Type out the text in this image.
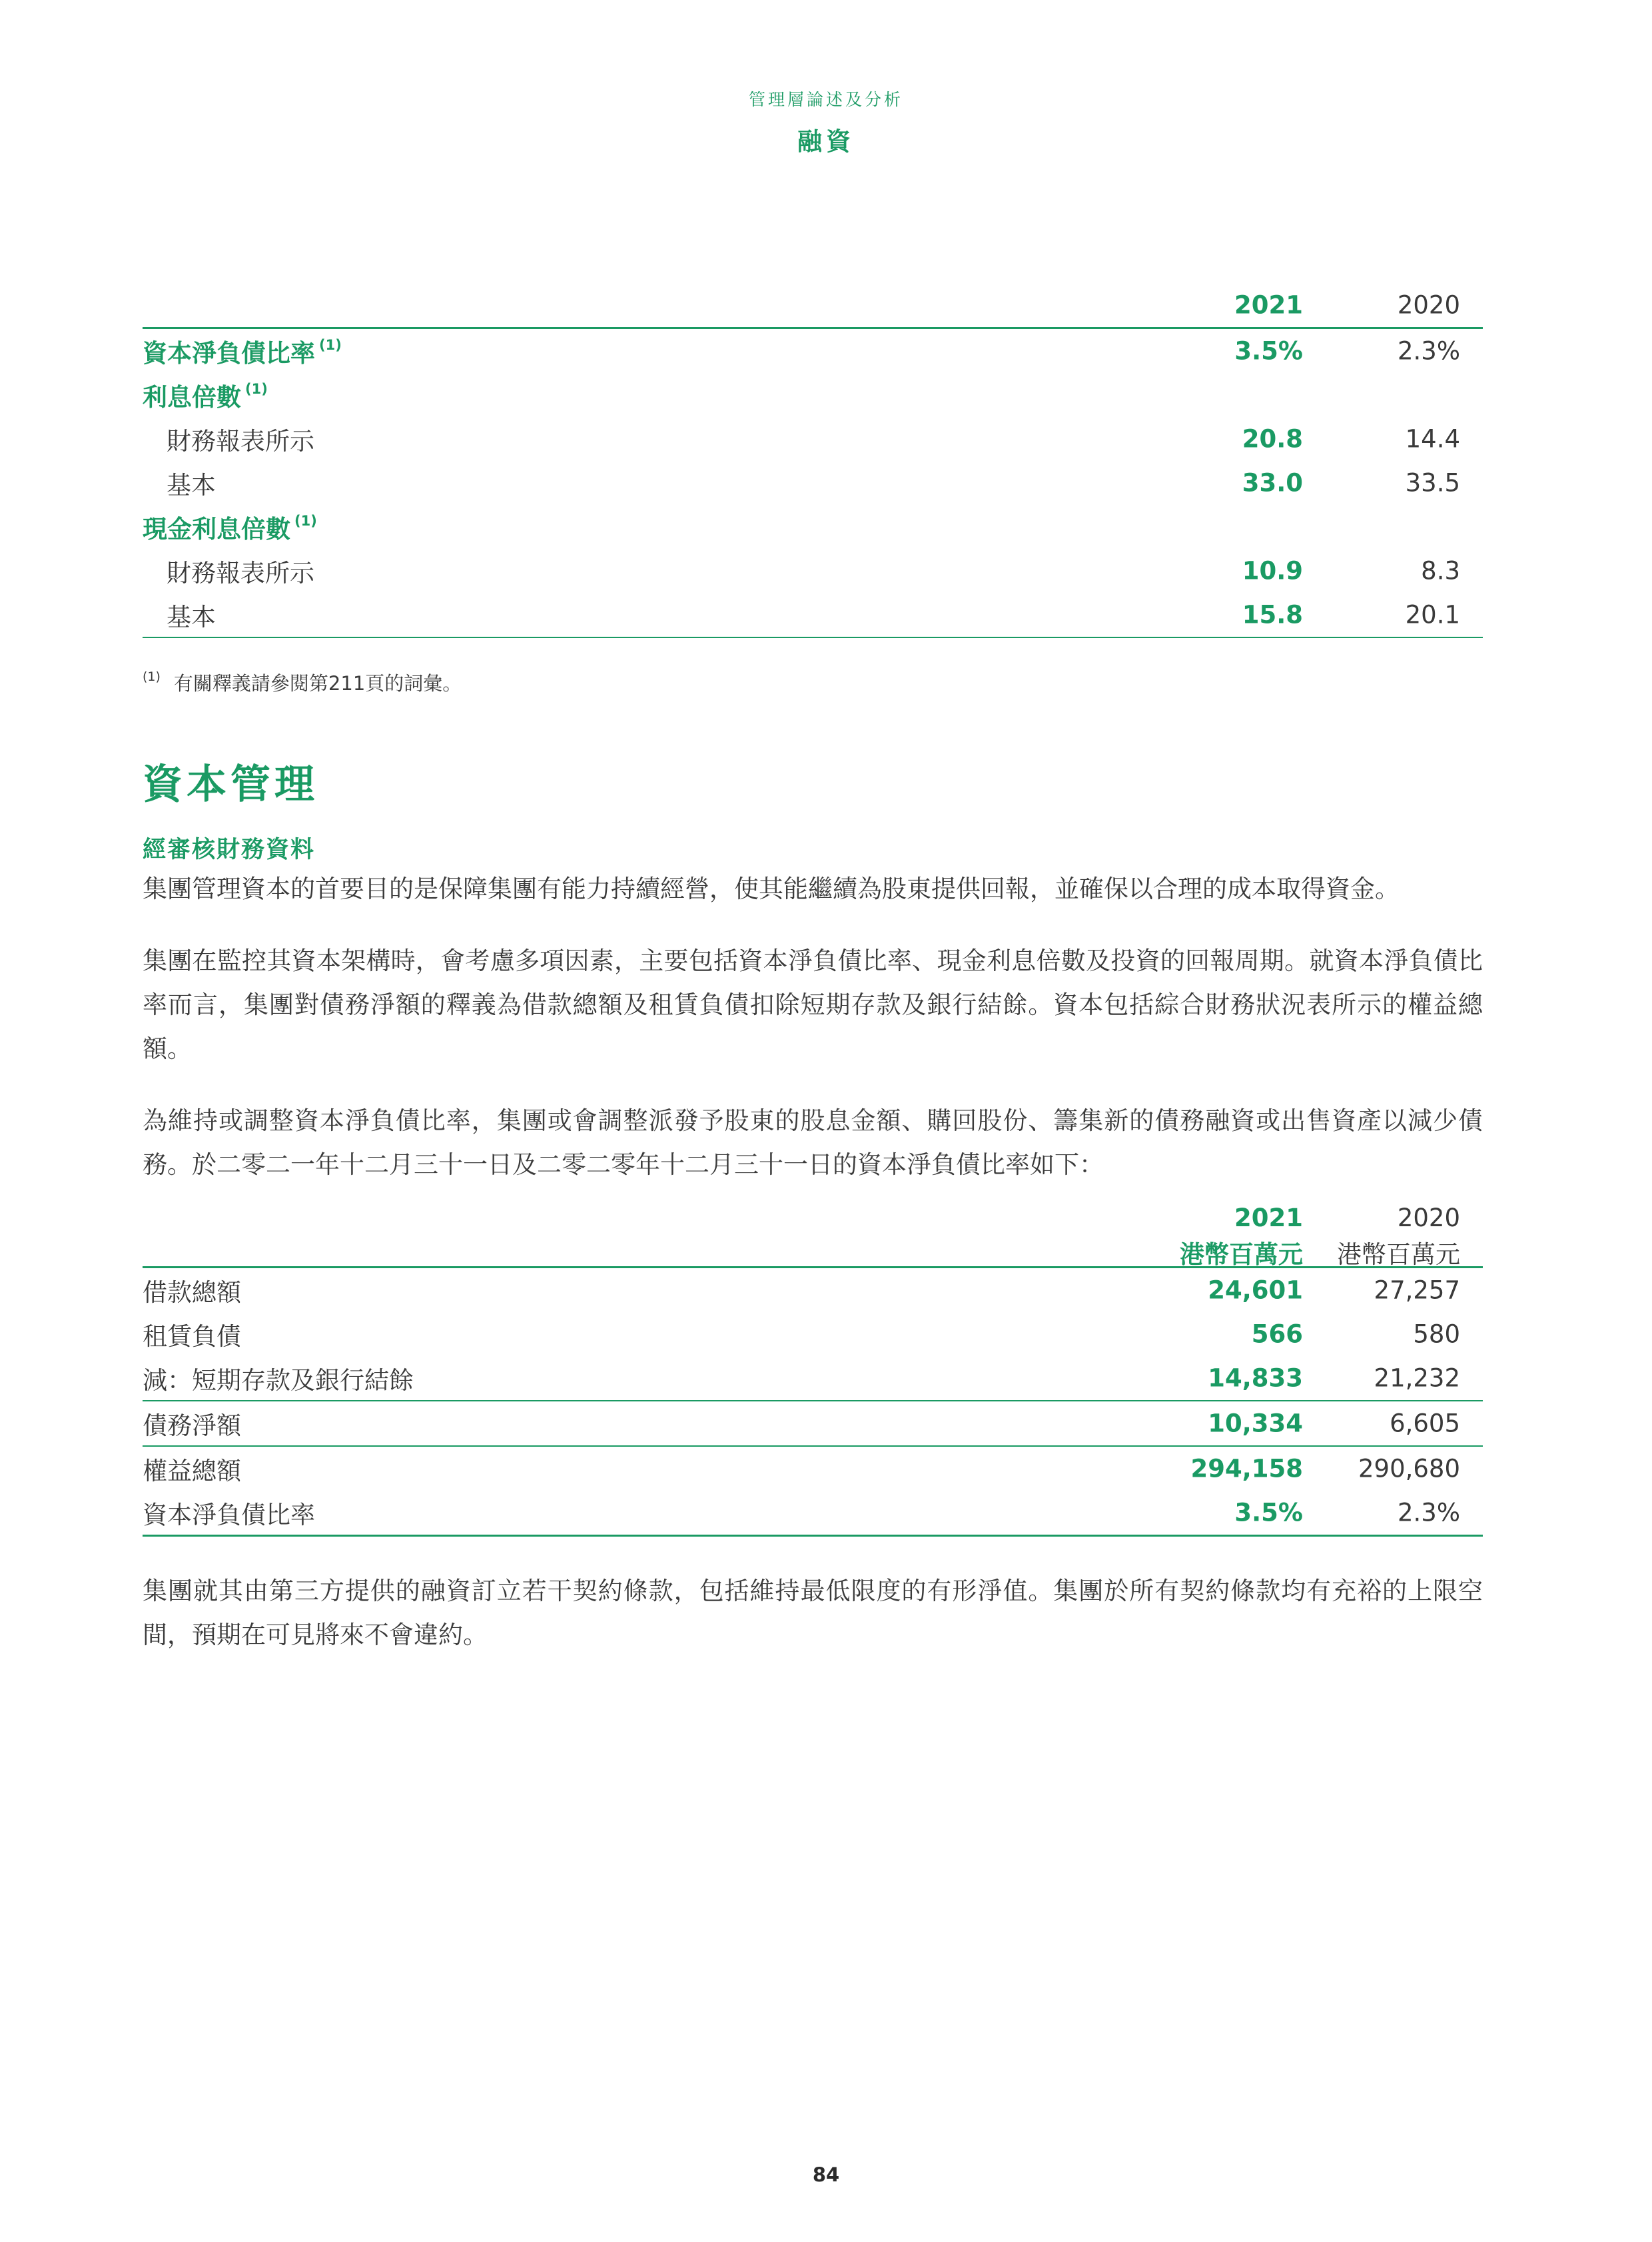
管理層論述及分析
融資
2021	2020
資本淨負債比率 $^{(1)}$	3.5%	2.3%
利息倍數 $^{(1)}$
財務報表所示	20.8	14.4
基本	33.0	33.5
現金利息倍數 $^{(1)}$
財務報表所示	10.9	8.3
基本	15.8	20.1
$^{(1)}$ 有關釋義請參閱第211頁的詞彙。
資本管理
經審核財務資料
集團管理資本的首要目的是保障集團有能力持續經營，使其能繼續為股東提供回報，並確保以合理的成本取得資金。
集團在監控其資本架構時，會考慮多項因素，主要包括資本淨負債比率、現金利息倍數及投資的回報周期。就資本淨負債比率而言，集團對債務淨額的釋義為借款總額及租賃負債扣除短期存款及銀行結餘。資本包括綜合財務狀況表所示的權益總額。
為維持或調整資本淨負債比率，集團或會調整派發予股東的股息金額、購回股份、籌集新的債務融資或出售資產以減少債務。於二零二一年十二月三十一日及二零二零年十二月三十一日的資本淨負債比率如下：
2021	2020
港幣百萬元 港幣百萬元
借款總額	24,601	27,257
租賃負債	566	580
減：短期存款及銀行結餘	14,833	21,232
債務淨額	10,334	6,605
權益總額	294,158 290,680
資本淨負債比率	3.5%	2.3%
集團就其由第三方提供的融資訂立若干契約條款，包括維持最低限度的有形淨值。集團於所有契約條款均有充裕的上限空間，預期在可見將來不會違約。
84
